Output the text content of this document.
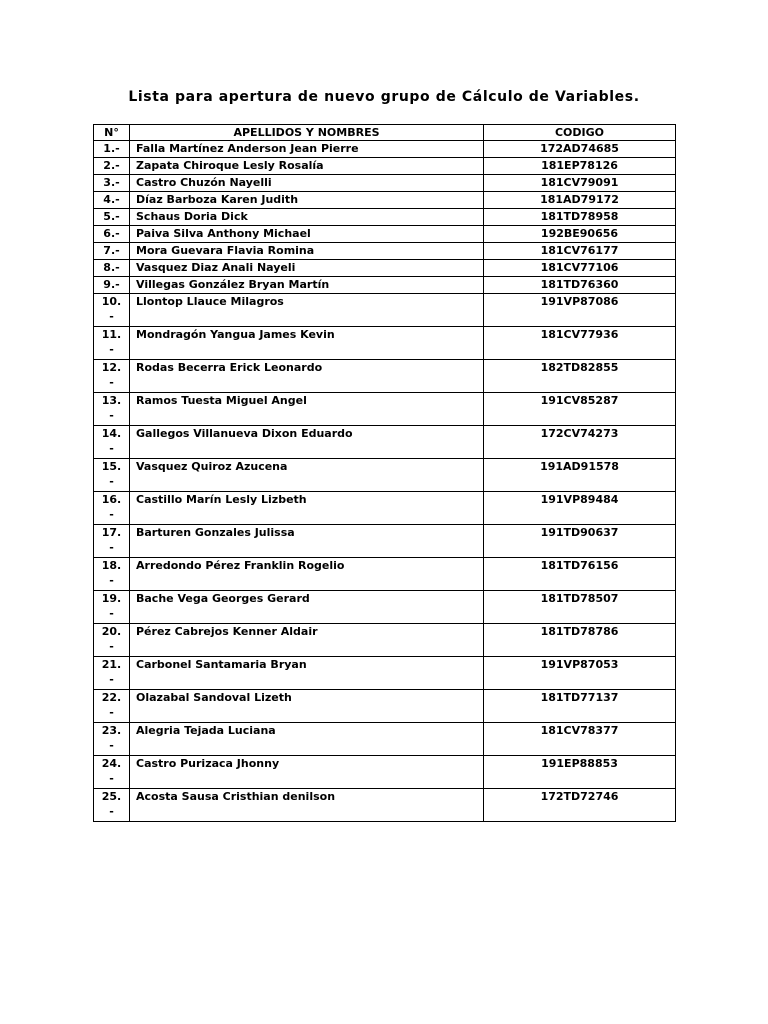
Lista para apertura de nuevo grupo de Cálculo de Variables.
N°	APELLIDOS Y NOMBRES	CODIGO

1.-	Falla Martínez Anderson Jean Pierre	172AD74685

2.-	Zapata Chiroque Lesly Rosalía	181EP78126

3.-	Castro Chuzón Nayelli	181CV79091

4.-	Díaz Barboza Karen Judith	181AD79172

5.-	Schaus Doria Dick	181TD78958

6.-	Paiva Silva Anthony Michael	192BE90656

7.-	Mora Guevara Flavia Romina	181CV76177

8.-	Vasquez Diaz Anali Nayeli	181CV77106

9.-	Villegas González Bryan Martín	181TD76360

10.
-	Llontop Llauce Milagros	191VP87086

11.
-	Mondragón Yangua James Kevin	181CV77936

12.
-	Rodas Becerra Erick Leonardo	182TD82855

13.
-	Ramos Tuesta Miguel Angel	191CV85287

14.
-	Gallegos Villanueva Dixon Eduardo	172CV74273

15.
-	Vasquez Quiroz Azucena	191AD91578

16.
-	Castillo Marín Lesly Lizbeth	191VP89484

17.
-	Barturen Gonzales Julissa	191TD90637

18.
-	Arredondo Pérez Franklin Rogelio	181TD76156

19.
-	Bache Vega Georges Gerard	181TD78507

20.
-	Pérez Cabrejos Kenner Aldair	181TD78786

21.
-	Carbonel Santamaria Bryan	191VP87053

22.
-	Olazabal Sandoval Lizeth	181TD77137

23.
-	Alegria Tejada Luciana	181CV78377

24.
-	Castro Purizaca Jhonny	191EP88853

25.
-	Acosta Sausa Cristhian denilson	172TD72746
